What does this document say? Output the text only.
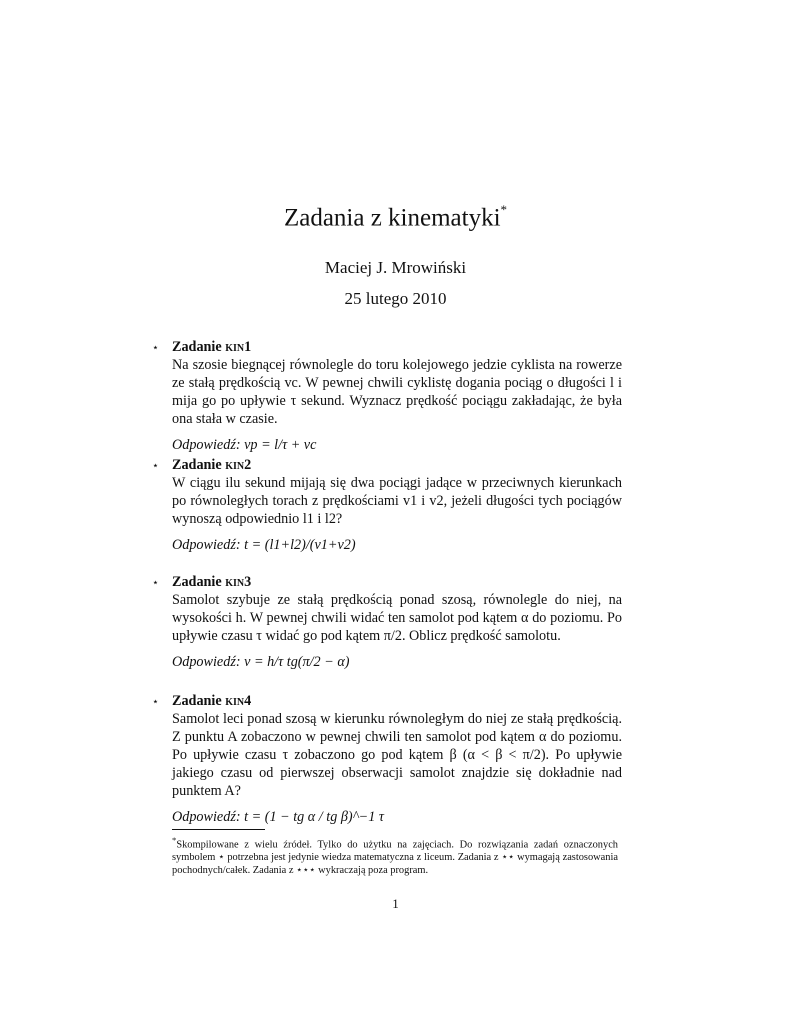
Zadania z kinematyki*
Maciej J. Mrowiński
25 lutego 2010
⋆ Zadanie kin1
Na szosie biegnącej równolegle do toru kolejowego jedzie cyklista na rowerze ze stałą prędkością vc. W pewnej chwili cyklistę dogania pociąg o długości l i mija go po upływie τ sekund. Wyznacz prędkość pociągu zakładając, że była ona stała w czasie.
Odpowiedź: vp = l/τ + vc
⋆ Zadanie kin2
W ciągu ilu sekund mijają się dwa pociągi jadące w przeciwnych kierunkach po równoległych torach z prędkościami v1 i v2, jeżeli długości tych pociągów wynoszą odpowiednio l1 i l2?
Odpowiedź: t = (l1+l2)/(v1+v2)
⋆ Zadanie kin3
Samolot szybuje ze stałą prędkością ponad szosą, równolegle do niej, na wysokości h. W pewnej chwili widać ten samolot pod kątem α do poziomu. Po upływie czasu τ widać go pod kątem π/2. Oblicz prędkość samolotu.
Odpowiedź: v = h/τ tg(π/2 − α)
⋆ Zadanie kin4
Samolot leci ponad szosą w kierunku równoległym do niej ze stałą prędkością. Z punktu A zobaczono w pewnej chwili ten samolot pod kątem α do poziomu. Po upływie czasu τ zobaczono go pod kątem β (α < β < π/2). Po upływie jakiego czasu od pierwszej obserwacji samolot znajdzie się dokładnie nad punktem A?
Odpowiedź: t = (1 − tg α / tg β)^−1 τ
*Skompilowane z wielu źródeł. Tylko do użytku na zajęciach. Do rozwiązania zadań oznaczonych symbolem ⋆ potrzebna jest jedynie wiedza matematyczna z liceum. Zadania z ⋆⋆ wymagają zastosowania pochodnych/całek. Zadania z ⋆⋆⋆ wykraczają poza program.
1
